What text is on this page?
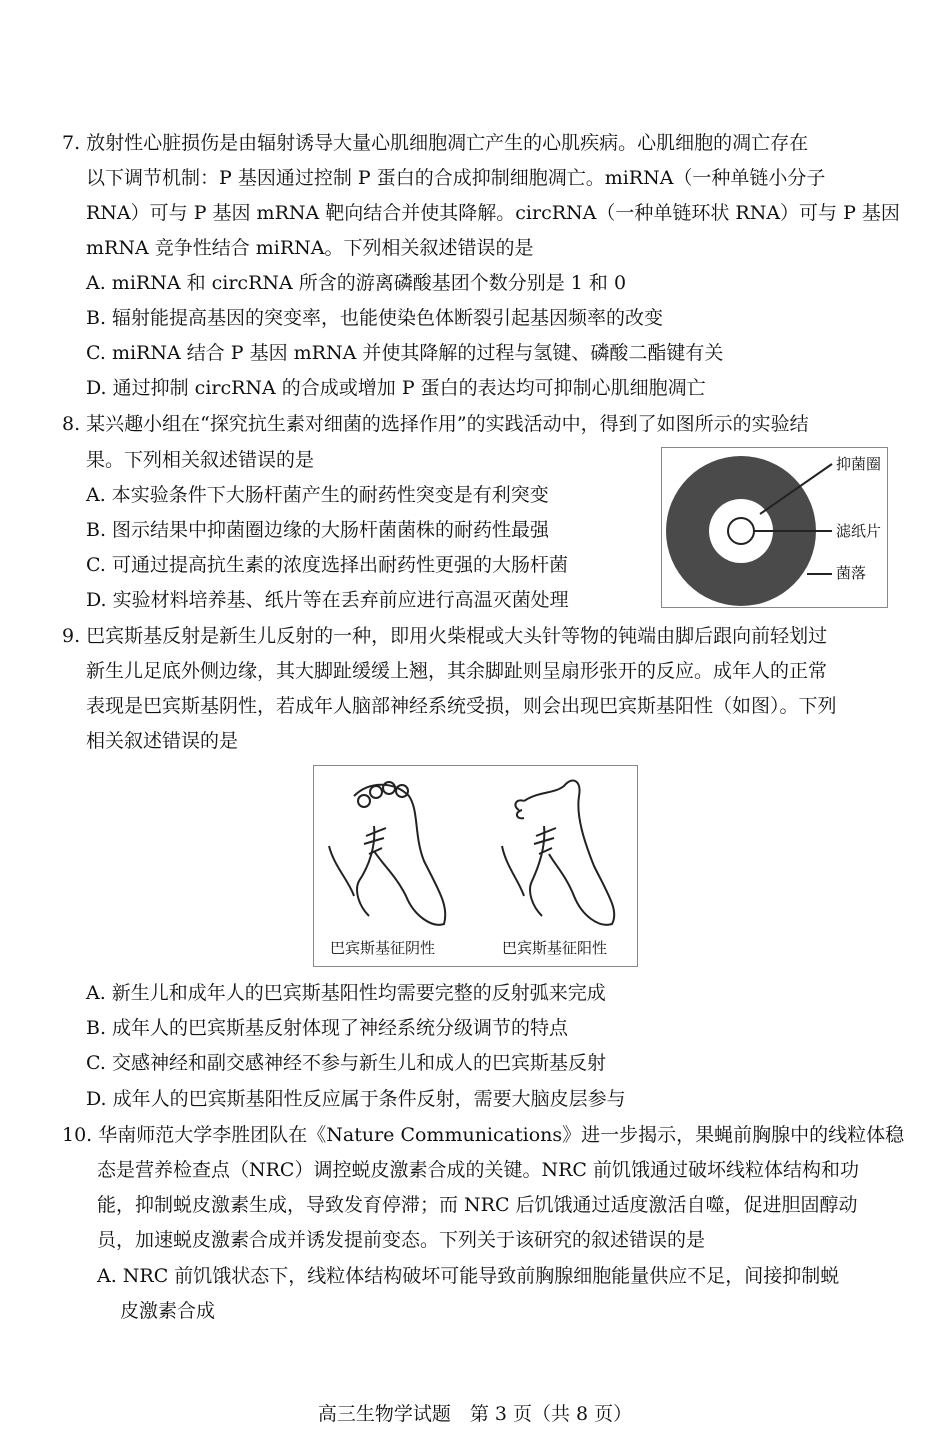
7. 放射性心脏损伤是由辐射诱导大量心肌细胞凋亡产生的心肌疾病。心肌细胞的凋亡存在
以下调节机制：P 基因通过控制 P 蛋白的合成抑制细胞凋亡。miRNA（一种单链小分子
RNA）可与 P 基因 mRNA 靶向结合并使其降解。circRNA（一种单链环状 RNA）可与 P 基因
mRNA 竞争性结合 miRNA。下列相关叙述错误的是
A. miRNA 和 circRNA 所含的游离磷酸基团个数分别是 1 和 0
B. 辐射能提高基因的突变率，也能使染色体断裂引起基因频率的改变
C. miRNA 结合 P 基因 mRNA 并使其降解的过程与氢键、磷酸二酯键有关
D. 通过抑制 circRNA 的合成或增加 P 蛋白的表达均可抑制心肌细胞凋亡
8. 某兴趣小组在“探究抗生素对细菌的选择作用”的实践活动中，得到了如图所示的实验结
果。下列相关叙述错误的是
A. 本实验条件下大肠杆菌产生的耐药性突变是有利突变
B. 图示结果中抑菌圈边缘的大肠杆菌菌株的耐药性最强
C. 可通过提高抗生素的浓度选择出耐药性更强的大肠杆菌
D. 实验材料培养基、纸片等在丢弃前应进行高温灭菌处理
抑菌圈
滤纸片
菌落
9. 巴宾斯基反射是新生儿反射的一种，即用火柴棍或大头针等物的钝端由脚后跟向前轻划过
新生儿足底外侧边缘，其大脚趾缓缓上翘，其余脚趾则呈扇形张开的反应。成年人的正常
表现是巴宾斯基阴性，若成年人脑部神经系统受损，则会出现巴宾斯基阳性（如图）。下列
相关叙述错误的是
巴宾斯基征阴性	巴宾斯基征阳性
A. 新生儿和成年人的巴宾斯基阳性均需要完整的反射弧来完成
B. 成年人的巴宾斯基反射体现了神经系统分级调节的特点
C. 交感神经和副交感神经不参与新生儿和成人的巴宾斯基反射
D. 成年人的巴宾斯基阳性反应属于条件反射，需要大脑皮层参与
10. 华南师范大学李胜团队在《Nature Communications》进一步揭示，果蝇前胸腺中的线粒体稳
态是营养检查点（NRC）调控蜕皮激素合成的关键。NRC 前饥饿通过破坏线粒体结构和功
能，抑制蜕皮激素生成，导致发育停滞；而 NRC 后饥饿通过适度激活自噬，促进胆固醇动
员，加速蜕皮激素合成并诱发提前变态。下列关于该研究的叙述错误的是
A. NRC 前饥饿状态下，线粒体结构破坏可能导致前胸腺细胞能量供应不足，间接抑制蜕
皮激素合成
高三生物学试题　第 3 页（共 8 页）
